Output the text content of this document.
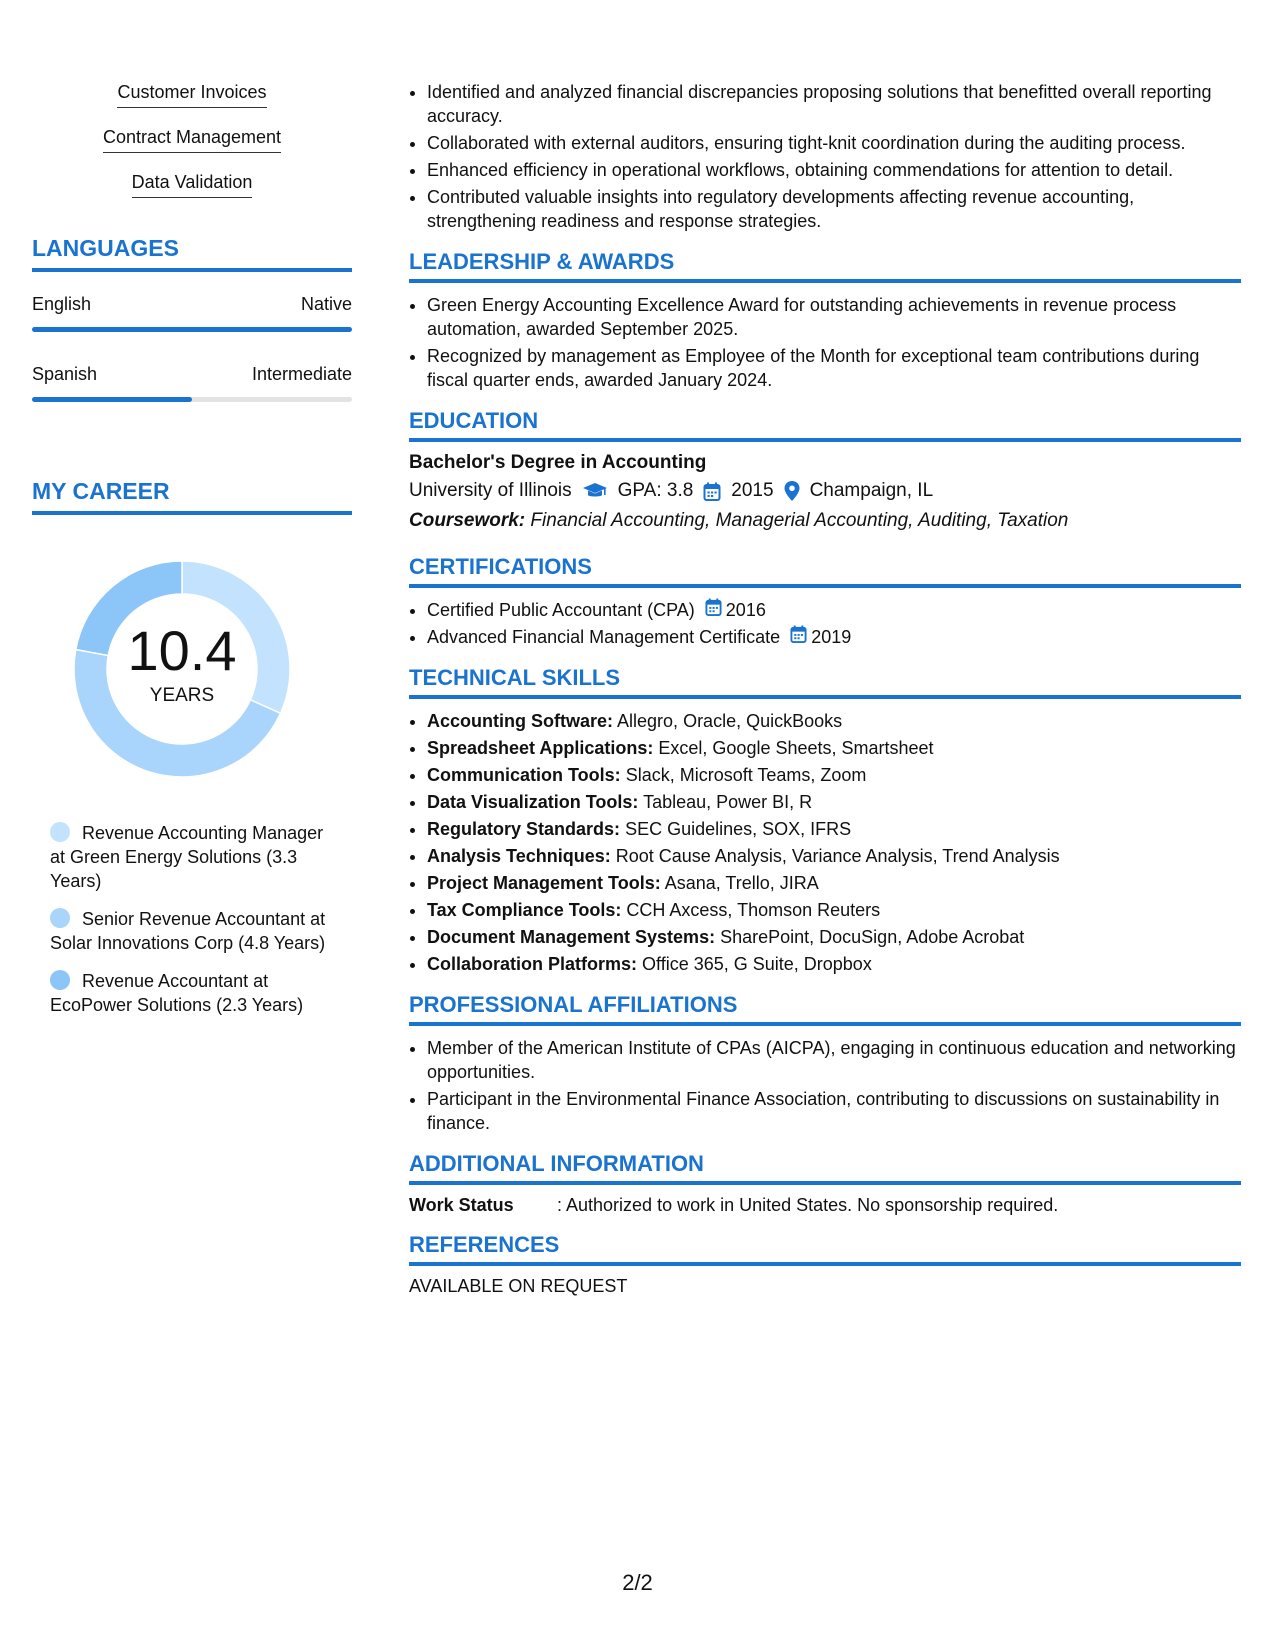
Customer Invoices
Contract Management
Data Validation
LANGUAGES
English	Native
Spanish	Intermediate
MY CAREER
10.4
YEARS
Revenue Accounting Manager at Green Energy Solutions (3.3 Years)
Senior Revenue Accountant at Solar Innovations Corp (4.8 Years)
Revenue Accountant at EcoPower Solutions (2.3 Years)
• Identified and analyzed financial discrepancies proposing solutions that benefitted overall reporting accuracy.
• Collaborated with external auditors, ensuring tight-knit coordination during the auditing process.
• Enhanced efficiency in operational workflows, obtaining commendations for attention to detail.
• Contributed valuable insights into regulatory developments affecting revenue accounting, strengthening readiness and response strategies.
LEADERSHIP & AWARDS
• Green Energy Accounting Excellence Award for outstanding achievements in revenue process automation, awarded September 2025.
• Recognized by management as Employee of the Month for exceptional team contributions during fiscal quarter ends, awarded January 2024.
EDUCATION
Bachelor's Degree in Accounting
University of Illinois GPA: 3.8 2015 Champaign, IL
Coursework: Financial Accounting, Managerial Accounting, Auditing, Taxation
CERTIFICATIONS
• Certified Public Accountant (CPA) 2016
• Advanced Financial Management Certificate 2019
TECHNICAL SKILLS
• Accounting Software: Allegro, Oracle, QuickBooks
• Spreadsheet Applications: Excel, Google Sheets, Smartsheet
• Communication Tools: Slack, Microsoft Teams, Zoom
• Data Visualization Tools: Tableau, Power BI, R
• Regulatory Standards: SEC Guidelines, SOX, IFRS
• Analysis Techniques: Root Cause Analysis, Variance Analysis, Trend Analysis
• Project Management Tools: Asana, Trello, JIRA
• Tax Compliance Tools: CCH Axcess, Thomson Reuters
• Document Management Systems: SharePoint, DocuSign, Adobe Acrobat
• Collaboration Platforms: Office 365, G Suite, Dropbox
PROFESSIONAL AFFILIATIONS
• Member of the American Institute of CPAs (AICPA), engaging in continuous education and networking opportunities.
• Participant in the Environmental Finance Association, contributing to discussions on sustainability in finance.
ADDITIONAL INFORMATION
Work Status	: Authorized to work in United States. No sponsorship required.
REFERENCES
AVAILABLE ON REQUEST
2/2
